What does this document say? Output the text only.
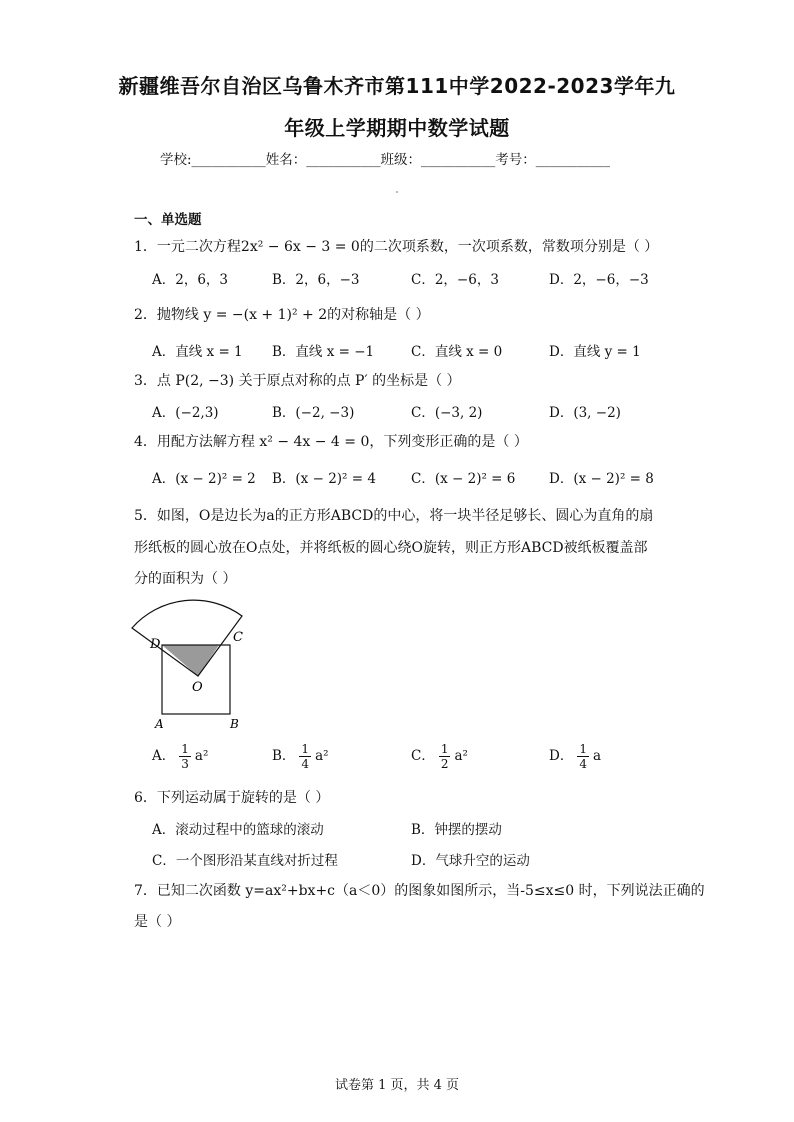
新疆维吾尔自治区乌鲁木齐市第111中学2022-2023学年九
年级上学期期中数学试题
学校:___________姓名：___________班级：___________考号：___________
一、单选题
1．一元二次方程2x² − 6x − 3 = 0的二次项系数，一次项系数，常数项分别是（ ）
A．2，6，3	B．2，6，−3	C．2，−6，3	D．2，−6，−3
2．抛物线 y = −(x + 1)² + 2的对称轴是（ ）
A．直线 x = 1 B．直线 x = −1	C．直线 x = 0	D．直线 y = 1
3．点 P(2, −3) 关于原点对称的点 P′ 的坐标是（ ）
A．(−2,3)	B．(−2, −3)	C．(−3, 2)	D．(3, −2)
4．用配方法解方程 x² − 4x − 4 = 0，下列变形正确的是（ ）
A．(x − 2)² = 2 B．(x − 2)² = 4	C．(x − 2)² = 6 D．(x − 2)² = 8
5．如图，O是边长为a的正方形ABCD的中心，将一块半径足够长、圆心为直角的扇
形纸板的圆心放在O点处，并将纸板的圆心绕O旋转，则正方形ABCD被纸板覆盖部
分的面积为（ ）
D	C
O
A	B
A． $\frac{1}{3} a^2$	B． $\frac{1}{4} a^2$	C． $\frac{1}{2} a^2$	D． $\frac{1}{4}$ a
6．下列运动属于旋转的是（ ）
A．滚动过程中的篮球的滚动	B．钟摆的摆动
C．一个图形沿某直线对折过程	D．气球升空的运动
7．已知二次函数 y=ax²+bx+c（a＜0）的图象如图所示，当-5≤x≤0 时，下列说法正确的
是（ ）
试卷第 1 页，共 4 页
